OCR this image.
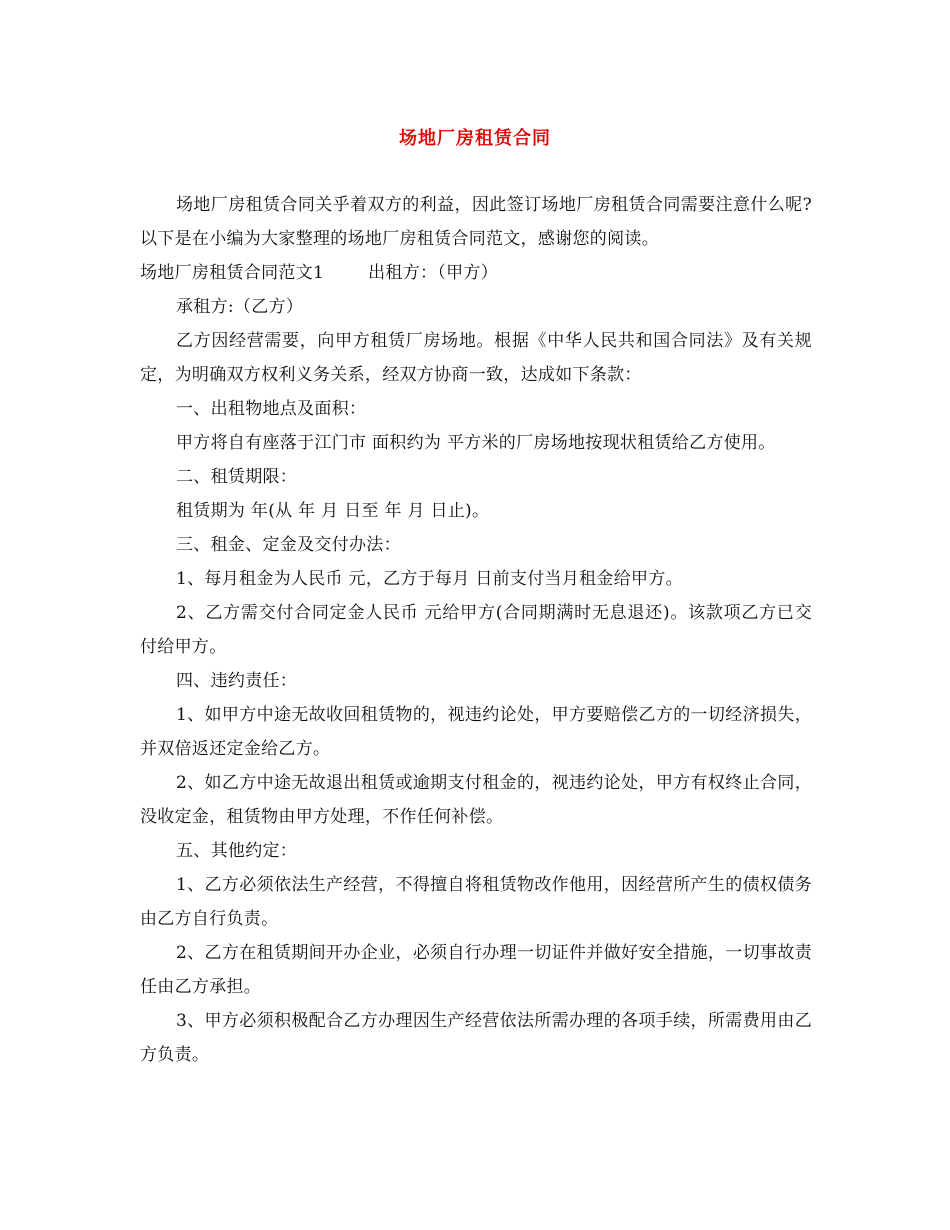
场地厂房租赁合同

场地厂房租赁合同关乎着双方的利益，因此签订场地厂房租赁合同需要注意什么呢?以下是在小编为大家整理的场地厂房租赁合同范文，感谢您的阅读。

场地厂房租赁合同范文1	出租方：（甲方）

承租方:（乙方）

乙方因经营需要，向甲方租赁厂房场地。根据《中华人民共和国合同法》及有关规定，为明确双方权利义务关系，经双方协商一致，达成如下条款：

一、出租物地点及面积：

甲方将自有座落于江门市 面积约为 平方米的厂房场地按现状租赁给乙方使用。

二、租赁期限：

租赁期为 年(从 年 月 日至 年 月 日止)。

三、租金、定金及交付办法：

1、每月租金为人民币 元，乙方于每月 日前支付当月租金给甲方。

2、乙方需交付合同定金人民币 元给甲方(合同期满时无息退还)。该款项乙方已交付给甲方。

四、违约责任：

1、如甲方中途无故收回租赁物的，视违约论处，甲方要赔偿乙方的一切经济损失，并双倍返还定金给乙方。

2、如乙方中途无故退出租赁或逾期支付租金的，视违约论处，甲方有权终止合同，没收定金，租赁物由甲方处理，不作任何补偿。

五、其他约定：

1、乙方必须依法生产经营，不得擅自将租赁物改作他用，因经营所产生的债权债务由乙方自行负责。

2、乙方在租赁期间开办企业，必须自行办理一切证件并做好安全措施，一切事故责任由乙方承担。

3、甲方必须积极配合乙方办理因生产经营依法所需办理的各项手续，所需费用由乙方负责。
